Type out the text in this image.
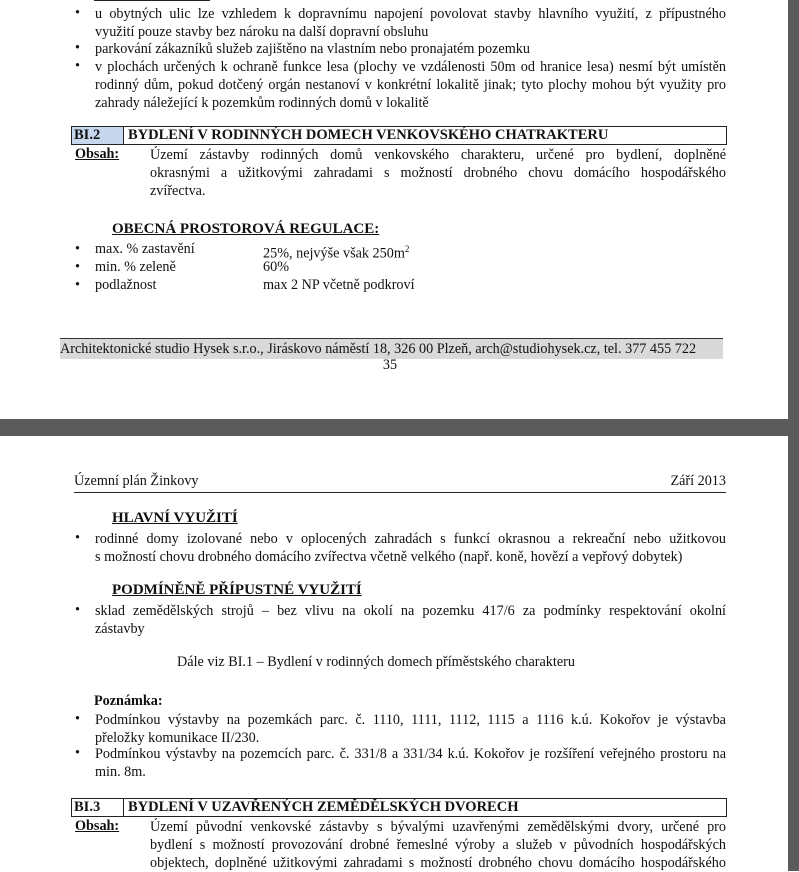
u obytných ulic lze vzhledem k dopravnímu napojení povolovat stavby hlavního využití, z přípustného
využití pouze stavby bez nároku na další dopravní obsluhu
parkování zákazníků služeb zajištěno na vlastním nebo pronajatém pozemku
v plochách určených k ochraně funkce lesa (plochy ve vzdálenosti 50m od hranice lesa) nesmí být umístěn
rodinný dům, pokud dotčený orgán nestanoví v konkrétní lokalitě jinak; tyto plochy mohou být využity pro
zahrady náležející k pozemkům rodinných domů v lokalitě
BI.2	BYDLENÍ V RODINNÝCH DOMECH VENKOVSKÉHO CHATRAKTERU
Obsah: Území zástavby rodinných domů venkovského charakteru, určené pro bydlení, doplněné
okrasnými a užitkovými zahradami s možností drobného chovu domácího hospodářského
zvířectva.
OBECNÁ PROSTOROVÁ REGULACE:
• max. % zastavění	25%, nejvýše však $250m^2$
• min. % zeleně	60%
• podlažnost	max 2 NP včetně podkroví
Architektonické studio Hysek s.r.o., Jiráskovo náměstí 18, 326 00 Plzeň, arch@studiohysek.cz, tel. 377 455 722
35
Územní plán Žinkovy	Září 2013
HLAVNÍ VYUŽITÍ
rodinné domy izolované nebo v oplocených zahradách s funkcí okrasnou a rekreační nebo užitkovou
s možností chovu drobného domácího zvířectva včetně velkého (např. koně, hovězí a vepřový dobytek)
PODMÍNĚNĚ PŘÍPUSTNÉ VYUŽITÍ
sklad zemědělských strojů – bez vlivu na okolí na pozemku 417/6 za podmínky respektování okolní
zástavby
Dále viz BI.1 – Bydlení v rodinných domech příměstského charakteru
Poznámka:
Podmínkou výstavby na pozemkách parc. č. 1110, 1111, 1112, 1115 a 1116 k.ú. Kokořov je výstavba
přeložky komunikace II/230.
Podmínkou výstavby na pozemcích parc. č. 331/8 a 331/34 k.ú. Kokořov je rozšíření veřejného prostoru na
min. 8m.
BI.3	BYDLENÍ V UZAVŘENÝCH ZEMĚDĚLSKÝCH DVORECH
Obsah: Území původní venkovské zástavby s bývalými uzavřenými zemědělskými dvory, určené pro
bydlení s možností provozování drobné řemeslné výroby a služeb v původních hospodářských
objektech, doplněné užitkovými zahradami s možností drobného chovu domácího hospodářského
